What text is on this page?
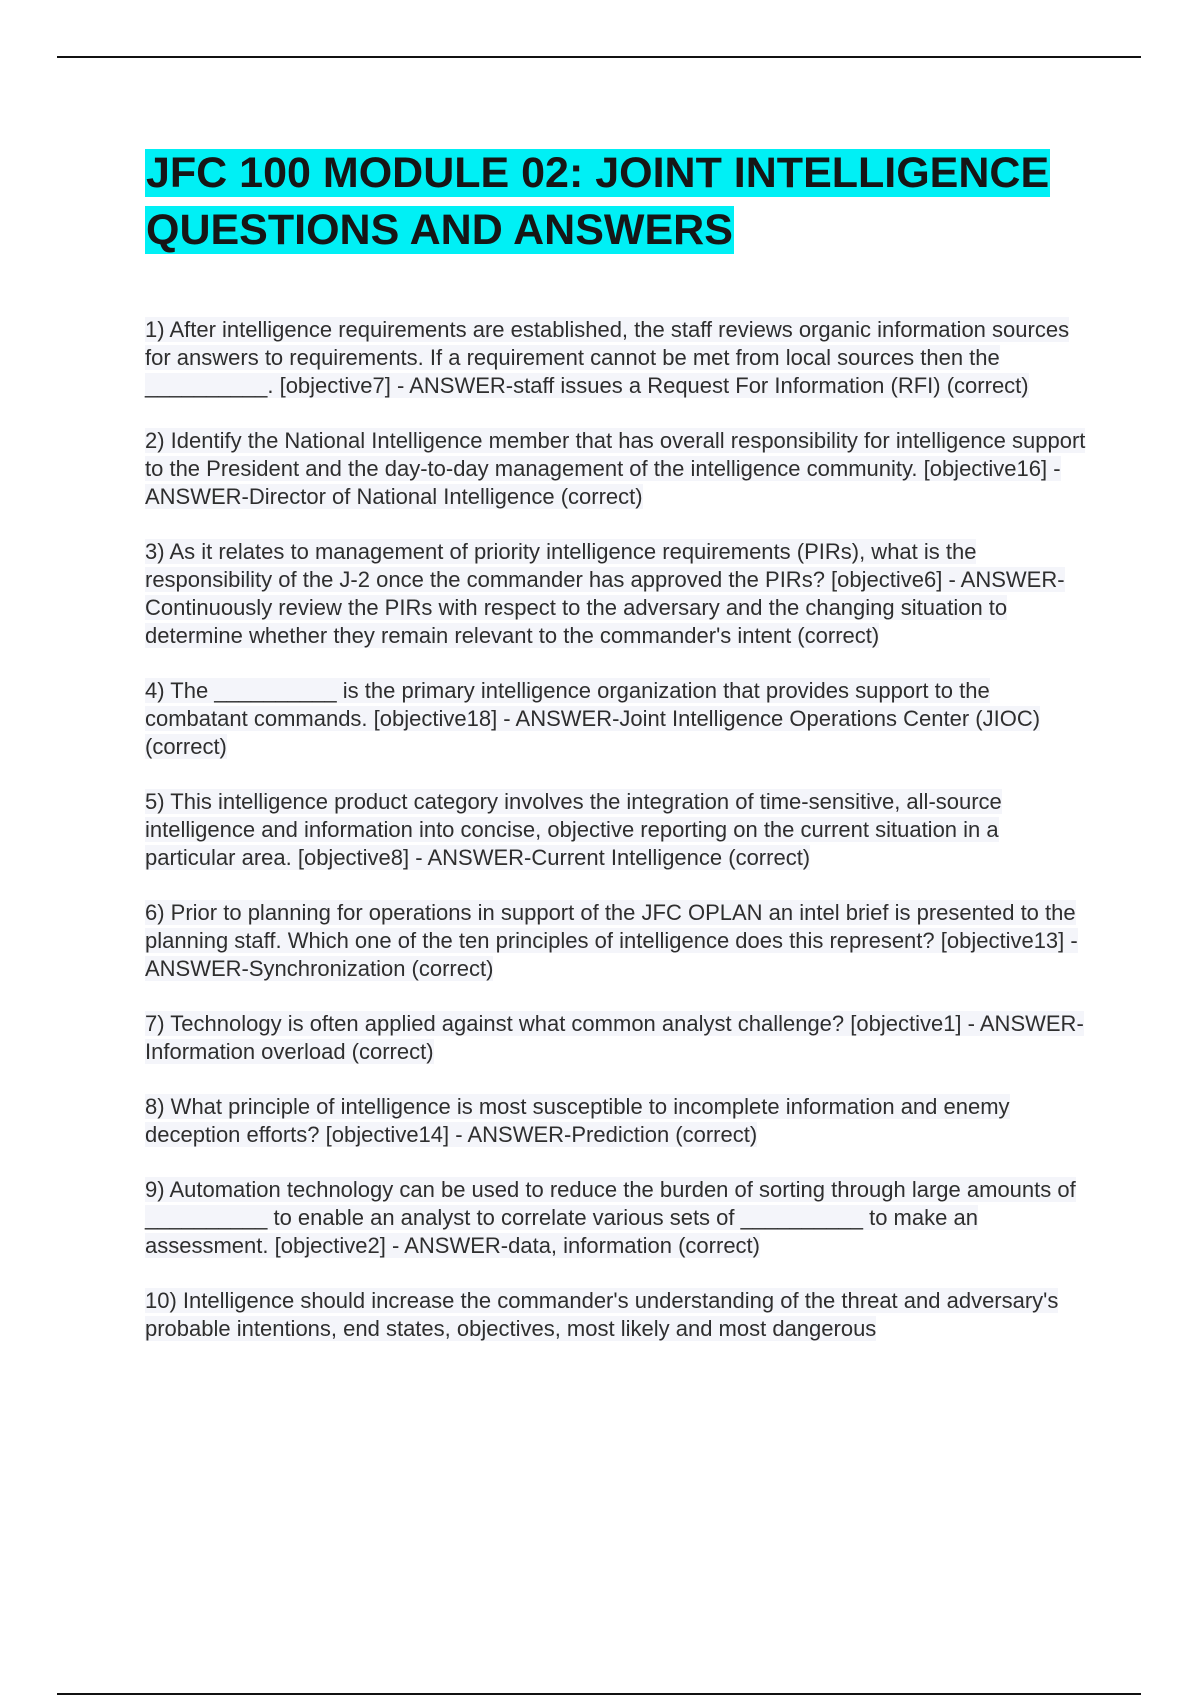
JFC 100 MODULE 02: JOINT INTELLIGENCE QUESTIONS AND ANSWERS
1) After intelligence requirements are established, the staff reviews organic information sources for answers to requirements. If a requirement cannot be met from local sources then the __________. [objective7] - ANSWER-staff issues a Request For Information (RFI) (correct)
2) Identify the National Intelligence member that has overall responsibility for intelligence support to the President and the day-to-day management of the intelligence community. [objective16] - ANSWER-Director of National Intelligence (correct)
3) As it relates to management of priority intelligence requirements (PIRs), what is the responsibility of the J-2 once the commander has approved the PIRs? [objective6] - ANSWER-Continuously review the PIRs with respect to the adversary and the changing situation to determine whether they remain relevant to the commander's intent (correct)
4) The __________ is the primary intelligence organization that provides support to the combatant commands. [objective18] - ANSWER-Joint Intelligence Operations Center (JIOC) (correct)
5) This intelligence product category involves the integration of time-sensitive, all-source intelligence and information into concise, objective reporting on the current situation in a particular area. [objective8] - ANSWER-Current Intelligence (correct)
6) Prior to planning for operations in support of the JFC OPLAN an intel brief is presented to the planning staff. Which one of the ten principles of intelligence does this represent? [objective13] - ANSWER-Synchronization (correct)
7) Technology is often applied against what common analyst challenge? [objective1] - ANSWER-Information overload (correct)
8) What principle of intelligence is most susceptible to incomplete information and enemy deception efforts? [objective14] - ANSWER-Prediction (correct)
9) Automation technology can be used to reduce the burden of sorting through large amounts of __________ to enable an analyst to correlate various sets of __________ to make an assessment. [objective2] - ANSWER-data, information (correct)
10) Intelligence should increase the commander's understanding of the threat and adversary's probable intentions, end states, objectives, most likely and most dangerous
